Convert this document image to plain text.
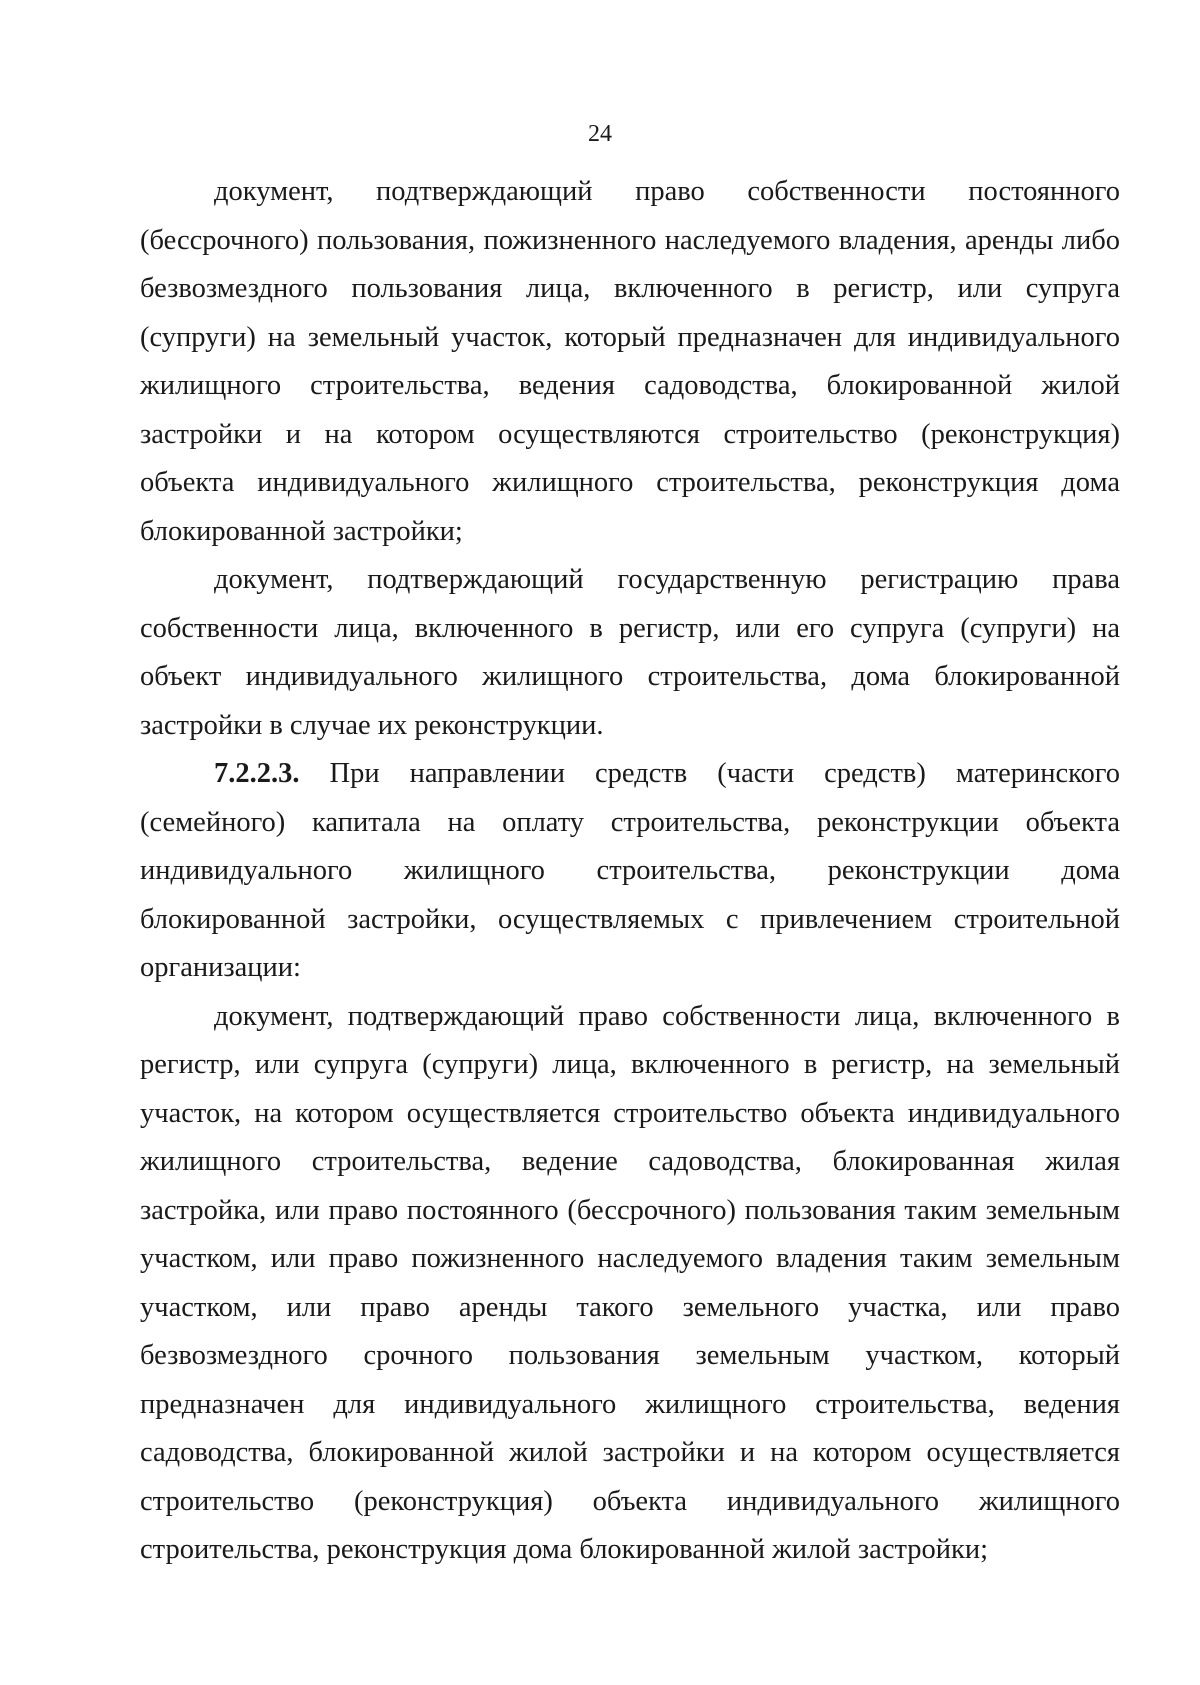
24

документ, подтверждающий право собственности постоянного (бессрочного) пользования, пожизненного наследуемого владения, аренды либо безвозмездного пользования лица, включенного в регистр, или супруга (супруги) на земельный участок, который предназначен для индивидуального жилищного строительства, ведения садоводства, блокированной жилой застройки и на котором осуществляются строительство (реконструкция) объекта индивидуального жилищного строительства, реконструкция дома блокированной застройки;

документ, подтверждающий государственную регистрацию права собственности лица, включенного в регистр, или его супруга (супруги) на объект индивидуального жилищного строительства, дома блокированной застройки в случае их реконструкции.

7.2.2.3. При направлении средств (части средств) материнского (семейного) капитала на оплату строительства, реконструкции объекта индивидуального жилищного строительства, реконструкции дома блокированной застройки, осуществляемых с привлечением строительной организации:

документ, подтверждающий право собственности лица, включенного в регистр, или супруга (супруги) лица, включенного в регистр, на земельный участок, на котором осуществляется строительство объекта индивидуального жилищного строительства, ведение садоводства, блокированная жилая застройка, или право постоянного (бессрочного) пользования таким земельным участком, или право пожизненного наследуемого владения таким земельным участком, или право аренды такого земельного участка, или право безвозмездного срочного пользования земельным участком, который предназначен для индивидуального жилищного строительства, ведения садоводства, блокированной жилой застройки и на котором осуществляется строительство (реконструкция) объекта индивидуального жилищного строительства, реконструкция дома блокированной жилой застройки;
